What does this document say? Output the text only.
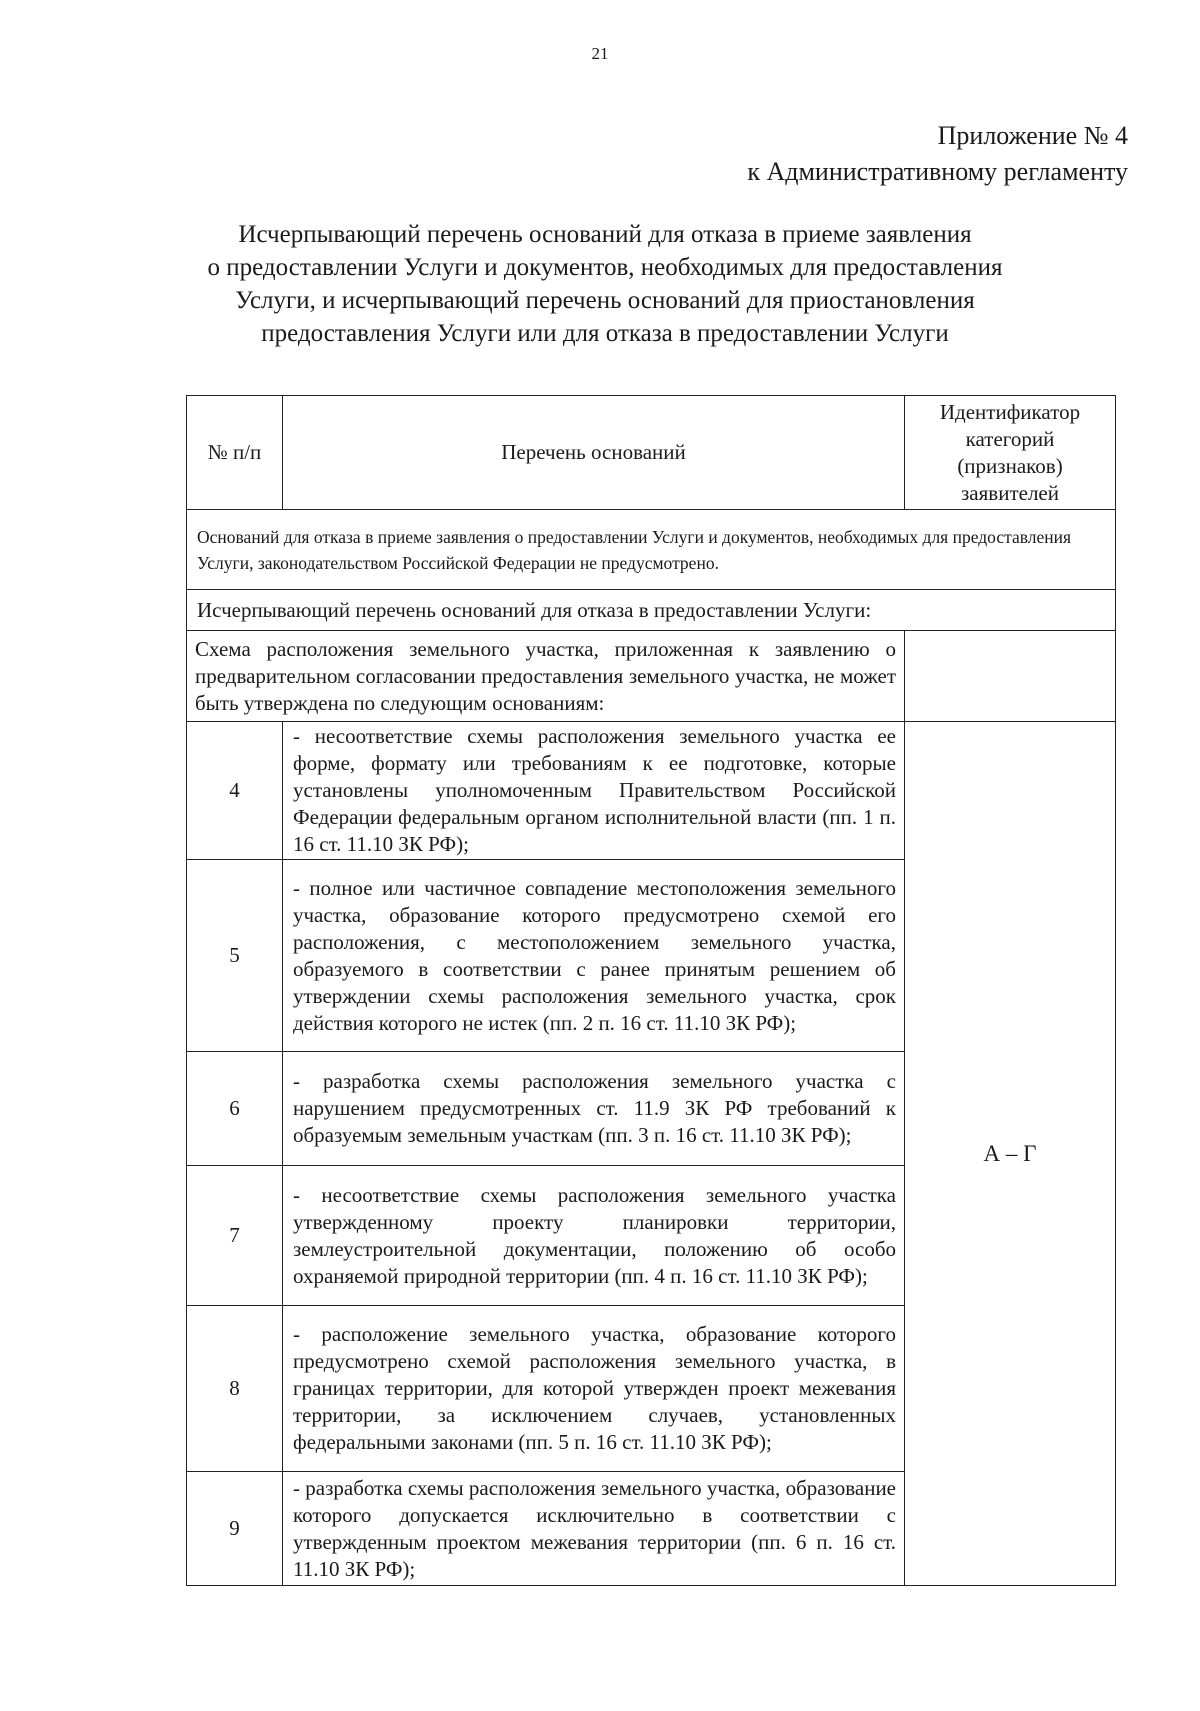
21
Приложение № 4
к Административному регламенту
Исчерпывающий перечень оснований для отказа в приеме заявления
о предоставлении Услуги и документов, необходимых для предоставления
Услуги, и исчерпывающий перечень оснований для приостановления
предоставления Услуги или для отказа в предоставлении Услуги
№ п/п	Перечень оснований	Идентификатор категорий (признаков) заявителей
Оснований для отказа в приеме заявления о предоставлении Услуги и документов, необходимых для предоставления Услуги, законодательством Российской Федерации не предусмотрено.		
Исчерпывающий перечень оснований для отказа в предоставлении Услуги:		
Схема расположения земельного участка, приложенная к заявлению о предварительном согласовании предоставления земельного участка, не может быть утверждена по следующим основаниям:		
4	- несоответствие схемы расположения земельного участка ее форме, формату или требованиям к ее подготовке, которые установлены уполномоченным Правительством Российской Федерации федеральным органом исполнительной власти (пп. 1 п. 16 ст. 11.10 ЗК РФ);	А – Г
5	- полное или частичное совпадение местоположения земельного участка, образование которого предусмотрено схемой его расположения, с местоположением земельного участка, образуемого в соответствии с ранее принятым решением об утверждении схемы расположения земельного участка, срок действия которого не истек (пп. 2 п. 16 ст. 11.10 ЗК РФ);	
6	- разработка схемы расположения земельного участка с нарушением предусмотренных ст. 11.9 ЗК РФ требований к образуемым земельным участкам (пп. 3 п. 16 ст. 11.10 ЗК РФ);	
7	- несоответствие схемы расположения земельного участка утвержденному проекту планировки территории, землеустроительной документации, положению об особо охраняемой природной территории (пп. 4 п. 16 ст. 11.10 ЗК РФ);	
8	- расположение земельного участка, образование которого предусмотрено схемой расположения земельного участка, в границах территории, для которой утвержден проект межевания территории, за исключением случаев, установленных федеральными законами (пп. 5 п. 16 ст. 11.10 ЗК РФ);	
9	- разработка схемы расположения земельного участка, образование которого допускается исключительно в соответствии с утвержденным проектом межевания территории (пп. 6 п. 16 ст. 11.10 ЗК РФ);	
